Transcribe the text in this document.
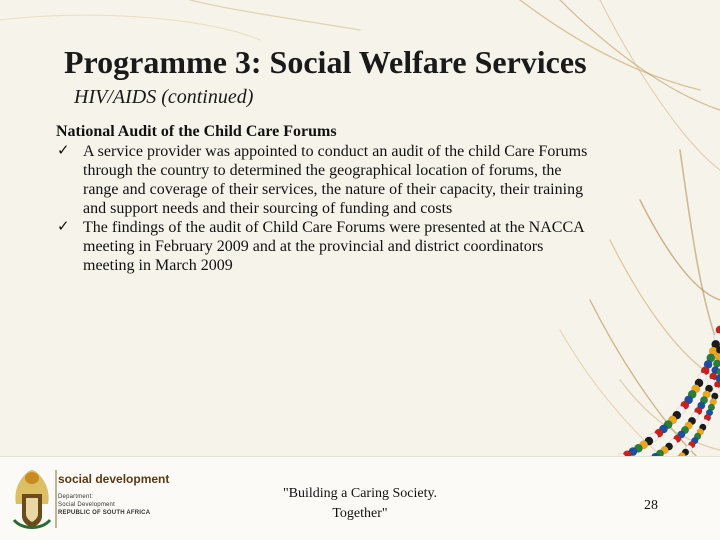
Programme 3: Social Welfare Services
HIV/AIDS (continued)
National Audit of the Child Care Forums
✓ A service provider was appointed to conduct an audit of the child Care Forums
through the country to determined the geographical location of forums, the
range and coverage of their services, the nature of their capacity, their training
and support needs and their sourcing of funding and costs
✓ The findings of the audit of Child Care Forums were presented at the NACCA
meeting in February 2009 and at the provincial and district coordinators
meeting in March 2009
social development
Department:
Social Development
REPUBLIC OF SOUTH AFRICA
"Building a Caring Society.
Together"
28
